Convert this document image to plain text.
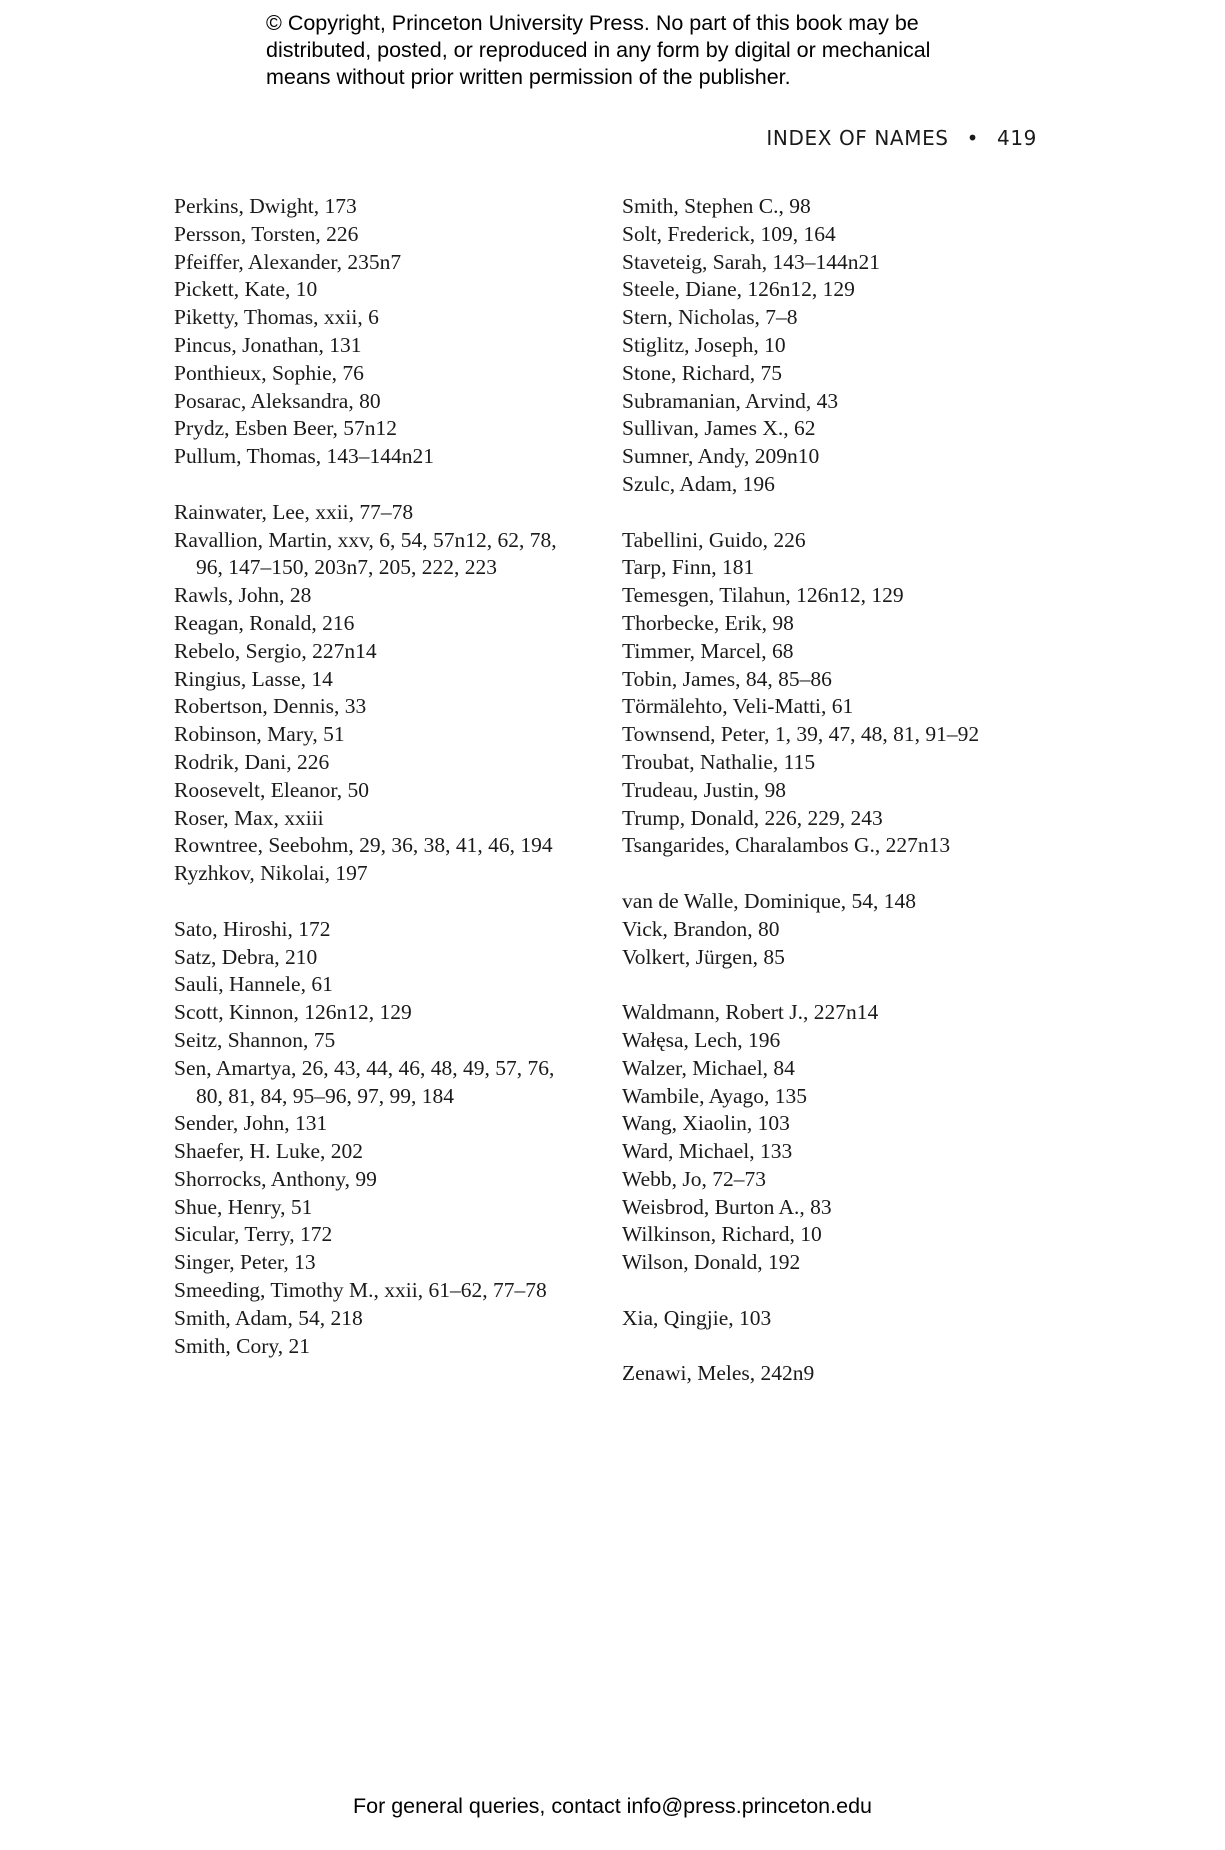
© Copyright, Princeton University Press. No part of this book may be
distributed, posted, or reproduced in any form by digital or mechanical
means without prior written permission of the publisher.
INDEX OF NAMES • 419
Perkins, Dwight, 173
Persson, Torsten, 226
Pfeiffer, Alexander, 235n7
Pickett, Kate, 10
Piketty, Thomas, xxii, 6
Pincus, Jonathan, 131
Ponthieux, Sophie, 76
Posarac, Aleksandra, 80
Prydz, Esben Beer, 57n12
Pullum, Thomas, 143–144n21
Rainwater, Lee, xxii, 77–78
Ravallion, Martin, xxv, 6, 54, 57n12, 62, 78, 96, 147–150, 203n7, 205, 222, 223
Rawls, John, 28
Reagan, Ronald, 216
Rebelo, Sergio, 227n14
Ringius, Lasse, 14
Robertson, Dennis, 33
Robinson, Mary, 51
Rodrik, Dani, 226
Roosevelt, Eleanor, 50
Roser, Max, xxiii
Rowntree, Seebohm, 29, 36, 38, 41, 46, 194
Ryzhkov, Nikolai, 197
Sato, Hiroshi, 172
Satz, Debra, 210
Sauli, Hannele, 61
Scott, Kinnon, 126n12, 129
Seitz, Shannon, 75
Sen, Amartya, 26, 43, 44, 46, 48, 49, 57, 76, 80, 81, 84, 95–96, 97, 99, 184
Sender, John, 131
Shaefer, H. Luke, 202
Shorrocks, Anthony, 99
Shue, Henry, 51
Sicular, Terry, 172
Singer, Peter, 13
Smeeding, Timothy M., xxii, 61–62, 77–78
Smith, Adam, 54, 218
Smith, Cory, 21
Smith, Stephen C., 98
Solt, Frederick, 109, 164
Staveteig, Sarah, 143–144n21
Steele, Diane, 126n12, 129
Stern, Nicholas, 7–8
Stiglitz, Joseph, 10
Stone, Richard, 75
Subramanian, Arvind, 43
Sullivan, James X., 62
Sumner, Andy, 209n10
Szulc, Adam, 196
Tabellini, Guido, 226
Tarp, Finn, 181
Temesgen, Tilahun, 126n12, 129
Thorbecke, Erik, 98
Timmer, Marcel, 68
Tobin, James, 84, 85–86
Törmälehto, Veli-Matti, 61
Townsend, Peter, 1, 39, 47, 48, 81, 91–92
Troubat, Nathalie, 115
Trudeau, Justin, 98
Trump, Donald, 226, 229, 243
Tsangarides, Charalambos G., 227n13
van de Walle, Dominique, 54, 148
Vick, Brandon, 80
Volkert, Jürgen, 85
Waldmann, Robert J., 227n14
Wałęsa, Lech, 196
Walzer, Michael, 84
Wambile, Ayago, 135
Wang, Xiaolin, 103
Ward, Michael, 133
Webb, Jo, 72–73
Weisbrod, Burton A., 83
Wilkinson, Richard, 10
Wilson, Donald, 192
Xia, Qingjie, 103
Zenawi, Meles, 242n9
For general queries, contact info@press.princeton.edu
